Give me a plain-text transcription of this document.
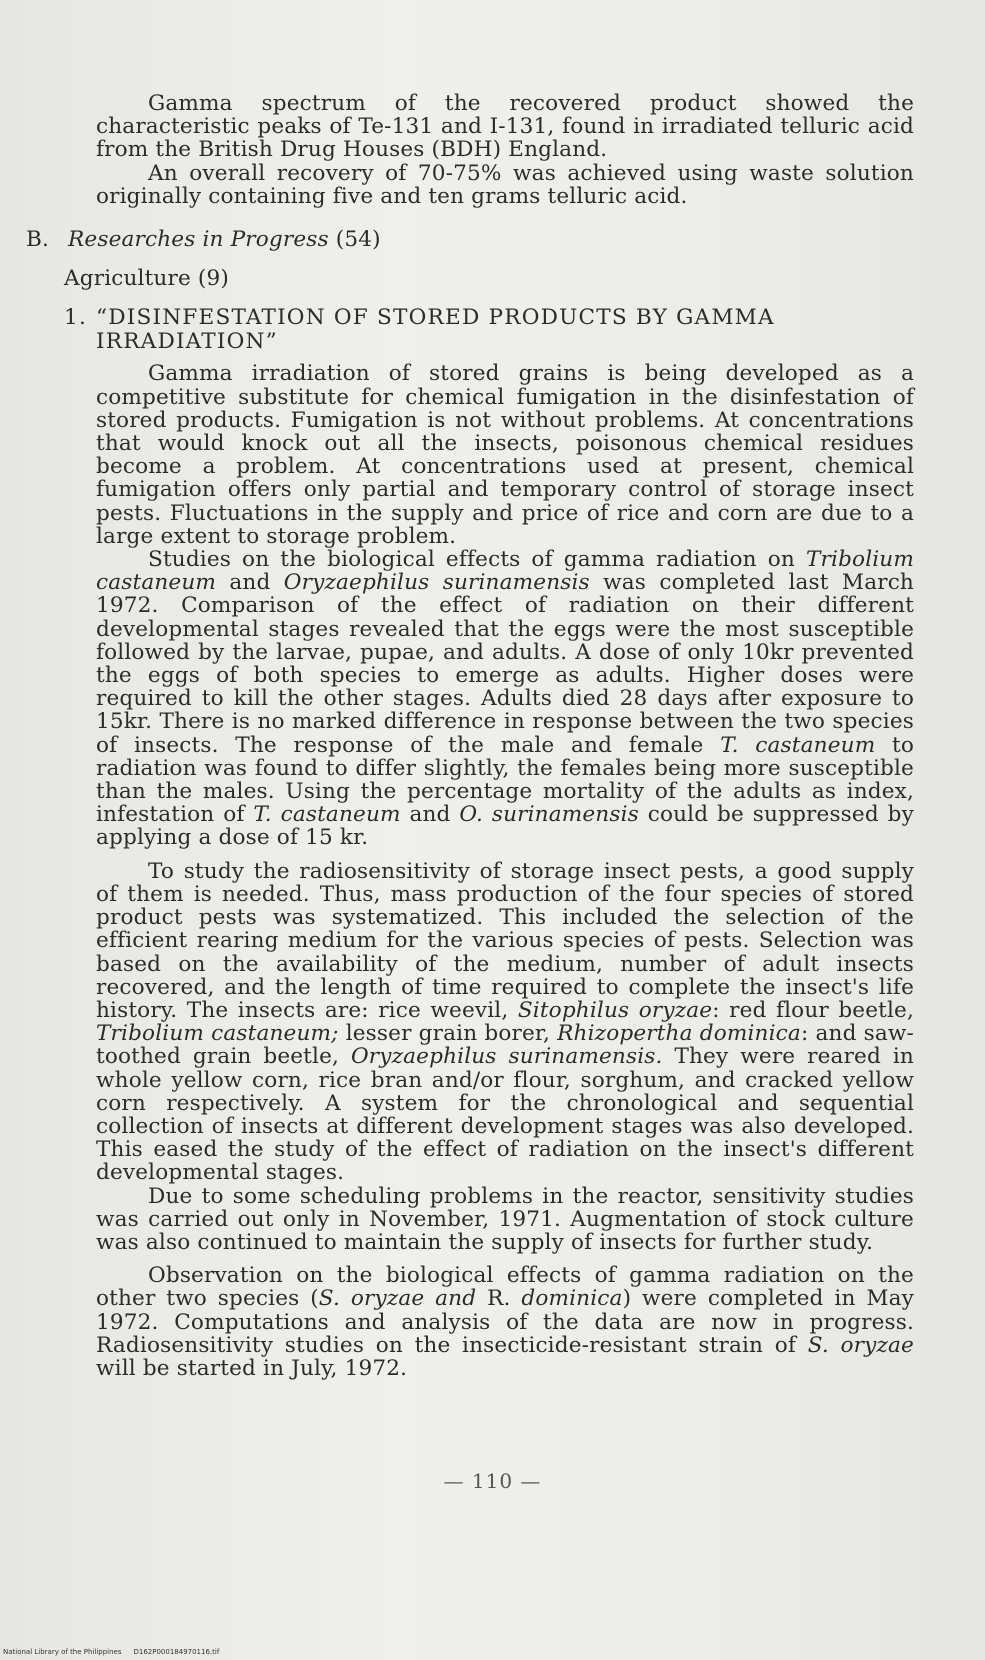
Gamma spectrum of the recovered product showed the characteristic peaks of Te-131 and I-131, found in irradiated telluric acid from the British Drug Houses (BDH) England.

An overall recovery of 70-75% was achieved using waste solution originally containing five and ten grams telluric acid.

B. Researches in Progress (54)

Agriculture (9)

1. “DISINFESTATION OF STORED PRODUCTS BY GAMMA IRRADIATION”

Gamma irradiation of stored grains is being developed as a competitive substitute for chemical fumigation in the disinfestation of stored products. Fumigation is not without problems. At concentrations that would knock out all the insects, poisonous chemical residues become a problem. At concentrations used at present, chemical fumigation offers only partial and temporary control of storage insect pests. Fluctuations in the supply and price of rice and corn are due to a large extent to storage problem.

Studies on the biological effects of gamma radiation on Tribolium castaneum and Oryzaephilus surinamensis was completed last March 1972. Comparison of the effect of radiation on their different developmental stages revealed that the eggs were the most susceptible followed by the larvae, pupae, and adults. A dose of only 10kr prevented the eggs of both species to emerge as adults. Higher doses were required to kill the other stages. Adults died 28 days after exposure to 15kr. There is no marked difference in response between the two species of insects. The response of the male and female T. castaneum to radiation was found to differ slightly, the females being more susceptible than the males. Using the percentage mortality of the adults as index, infestation of T. castaneum and O. surinamensis could be suppressed by applying a dose of 15 kr.

To study the radiosensitivity of storage insect pests, a good supply of them is needed. Thus, mass production of the four species of stored product pests was systematized. This included the selection of the efficient rearing medium for the various species of pests. Selection was based on the availability of the medium, number of adult insects recovered, and the length of time required to complete the insect's life history. The insects are: rice weevil, Sitophilus oryzae: red flour beetle, Tribolium castaneum; lesser grain borer, Rhizopertha dominica: and saw-toothed grain beetle, Oryzaephilus surinamensis. They were reared in whole yellow corn, rice bran and/or flour, sorghum, and cracked yellow corn respectively. A system for the chronological and sequential collection of insects at different development stages was also developed. This eased the study of the effect of radiation on the insect's different developmental stages.

Due to some scheduling problems in the reactor, sensitivity studies was carried out only in November, 1971. Augmentation of stock culture was also continued to maintain the supply of insects for further study.

Observation on the biological effects of gamma radiation on the other two species (S. oryzae and R. dominica) were completed in May 1972. Computations and analysis of the data are now in progress. Radiosensitivity studies on the insecticide-resistant strain of S. oryzae will be started in July, 1972.

— 110 —
National Library of the Philippines D162P000184970116.tif
